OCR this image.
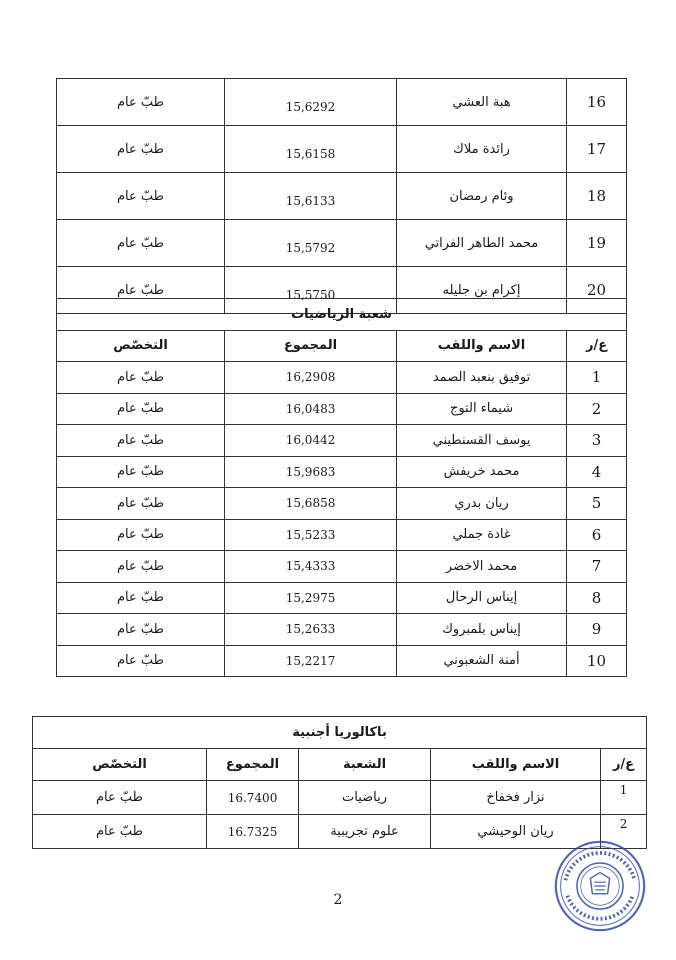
16	هبة العشي	15,6292	طبّ عام
17	رائدة ملاك	15,6158	طبّ عام
18	وئام رمضان	15,6133	طبّ عام
19	محمد الطاهر الفراتي	15,5792	طبّ عام
20	إكرام بن جليله	15,5750	طبّ عام
شعبة الرياضيات			
ع/ر	الاسم واللقب	المجموع	التخصّص
1	توفيق بنعبد الصمد	16,2908	طبّ عام
2	شيماء التوج	16,0483	طبّ عام
3	يوسف القسنطيني	16,0442	طبّ عام
4	محمد خريفش	15,9683	طبّ عام
5	ريان بدري	15,6858	طبّ عام
6	غادة جملي	15,5233	طبّ عام
7	محمد الاخضر	15,4333	طبّ عام
8	إيناس الرحال	15,2975	طبّ عام
9	إيناس بلمبروك	15,2633	طبّ عام
10	أمنة الشعبوني	15,2217	طبّ عام
باكالوريا أجنبية				
ع/ر	الاسم واللقب	الشعبة	المجموع	التخصّص
1	نزار فخفاخ	رياضيات	16.7400	طبّ عام
2	ريان الوحيشي	علوم تجريبية	16.7325	طبّ عام
2
